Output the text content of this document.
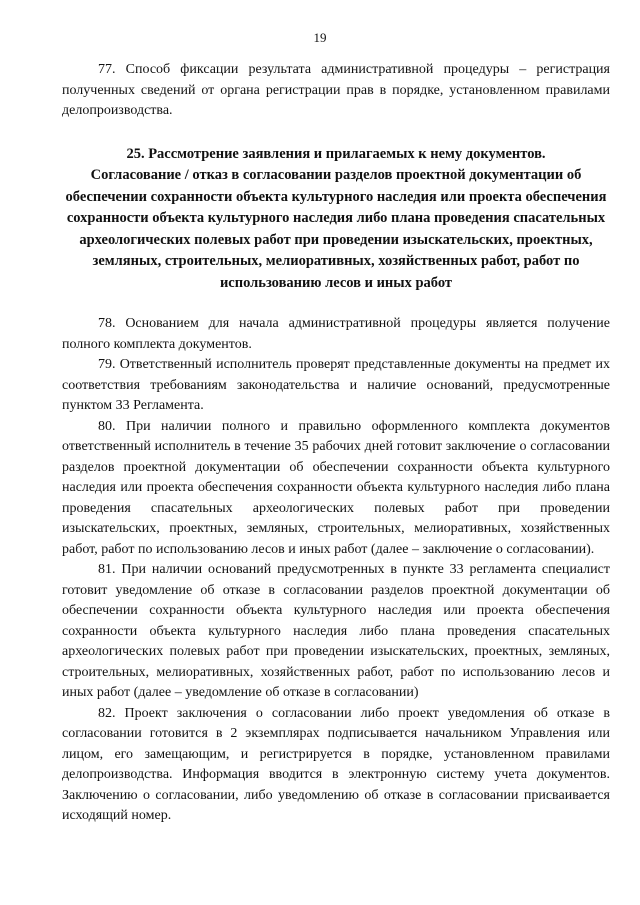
19

77. Способ фиксации результата административной процедуры – регистрация полученных сведений от органа регистрации прав в порядке, установленном правилами делопроизводства.

25. Рассмотрение заявления и прилагаемых к нему документов.
Согласование / отказ в согласовании разделов проектной документации об обеспечении сохранности объекта культурного наследия или проекта обеспечения сохранности объекта культурного наследия либо плана проведения спасательных археологических полевых работ при проведении изыскательских, проектных, земляных, строительных, мелиоративных, хозяйственных работ, работ по использованию лесов и иных работ

78. Основанием для начала административной процедуры является получение полного комплекта документов.

79. Ответственный исполнитель проверят представленные документы на предмет их соответствия требованиям законодательства и наличие оснований, предусмотренные пунктом 33 Регламента.

80. При наличии полного и правильно оформленного комплекта документов ответственный исполнитель в течение 35 рабочих дней готовит заключение о согласовании разделов проектной документации об обеспечении сохранности объекта культурного наследия или проекта обеспечения сохранности объекта культурного наследия либо плана проведения спасательных археологических полевых работ при проведении изыскательских, проектных, земляных, строительных, мелиоративных, хозяйственных работ, работ по использованию лесов и иных работ (далее – заключение о согласовании).

81. При наличии оснований предусмотренных в пункте 33 регламента специалист готовит уведомление об отказе в согласовании разделов проектной документации об обеспечении сохранности объекта культурного наследия или проекта обеспечения сохранности объекта культурного наследия либо плана проведения спасательных археологических полевых работ при проведении изыскательских, проектных, земляных, строительных, мелиоративных, хозяйственных работ, работ по использованию лесов и иных работ (далее – уведомление об отказе в согласовании)

82. Проект заключения о согласовании либо проект уведомления об отказе в согласовании готовится в 2 экземплярах подписывается начальником Управления или лицом, его замещающим, и регистрируется в порядке, установленном правилами делопроизводства. Информация вводится в электронную систему учета документов. Заключению о согласовании, либо уведомлению об отказе в согласовании присваивается исходящий номер.
